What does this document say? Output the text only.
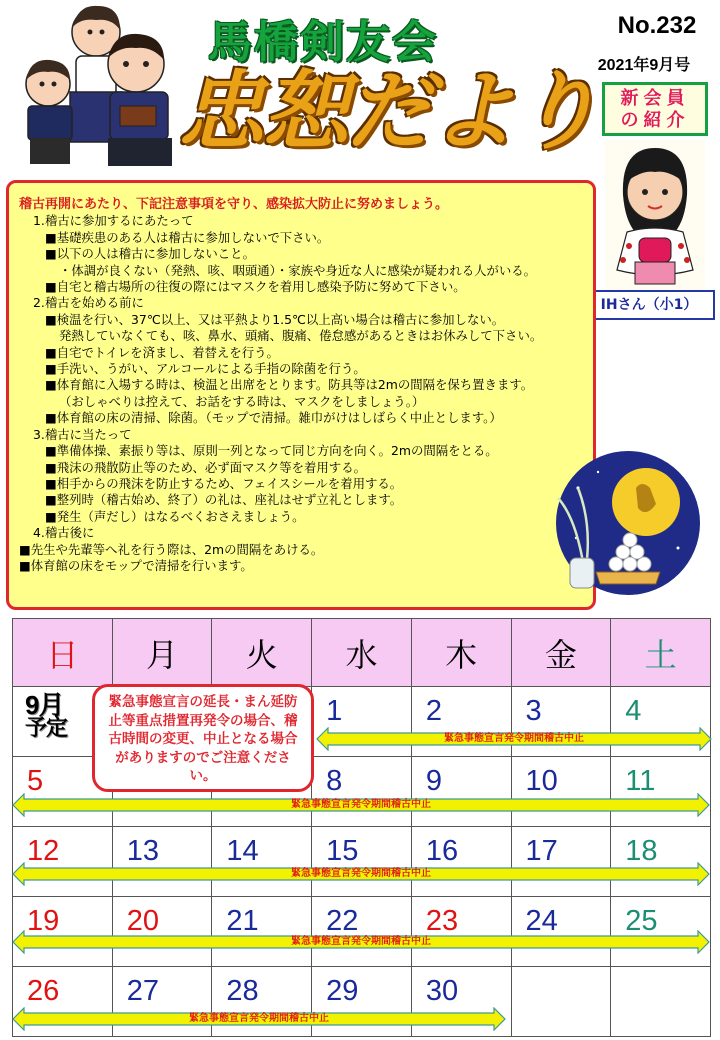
馬橋剣友会
忠恕だより
No.232
2021年9月号
新会員
の紹介
IHさん（小1）
稽古再開にあたり、下記注意事項を守り、感染拡大防止に努めましょう。
1.稽古に参加するにあたって
■基礎疾患のある人は稽古に参加しないで下さい。
■以下の人は稽古に参加しないこと。
・体調が良くない（発熱、咳、咽頭通）・家族や身近な人に感染が疑われる人がいる。
■自宅と稽古場所の往復の際にはマスクを着用し感染予防に努めて下さい。
2.稽古を始める前に
■検温を行い、37℃以上、又は平熱より1.5℃以上高い場合は稽古に参加しない。
発熱していなくても、咳、鼻水、頭痛、腹痛、倦怠感があるときはお休みして下さい。
■自宅でトイレを済まし、着替えを行う。
■手洗い、うがい、アルコールによる手指の除菌を行う。
■体育館に入場する時は、検温と出席をとります。防具等は2mの間隔を保ち置きます。
（おしゃべりは控えて、お話をする時は、マスクをしましょう。）
■体育館の床の清掃、除菌。（モップで清掃。雑巾がけはしばらく中止とします。）
3.稽古に当たって
■準備体操、素振り等は、原則一列となって同じ方向を向く。2mの間隔をとる。
■飛沫の飛散防止等のため、必ず面マスク等を着用する。
■相手からの飛沫を防止するため、フェイスシールを着用する。
■整列時（稽古始め、終了）の礼は、座礼はせず立礼とします。
■発生（声だし）はなるべくおさえましょう。
4.稽古後に
■先生や先輩等へ礼を行う際は、2mの間隔をあける。
■体育館の床をモップで清掃を行います。
日	月	火	水	木	金	土

9月
予定			1	2	3	4
5			8	9	10	11
12	13	14	15	16	17	18
19	20	21	22	23	24	25
26	27	28	29	30		
緊急事態宣言発令期間稽古中止
緊急事態宣言発令期間稽古中止
緊急事態宣言発令期間稽古中止
緊急事態宣言発令期間稽古中止
緊急事態宣言発令期間稽古中止
緊急事態宣言の延長・まん延防止等重点措置再発令の場合、稽古時間の変更、中止となる場合がありますのでご注意ください。
